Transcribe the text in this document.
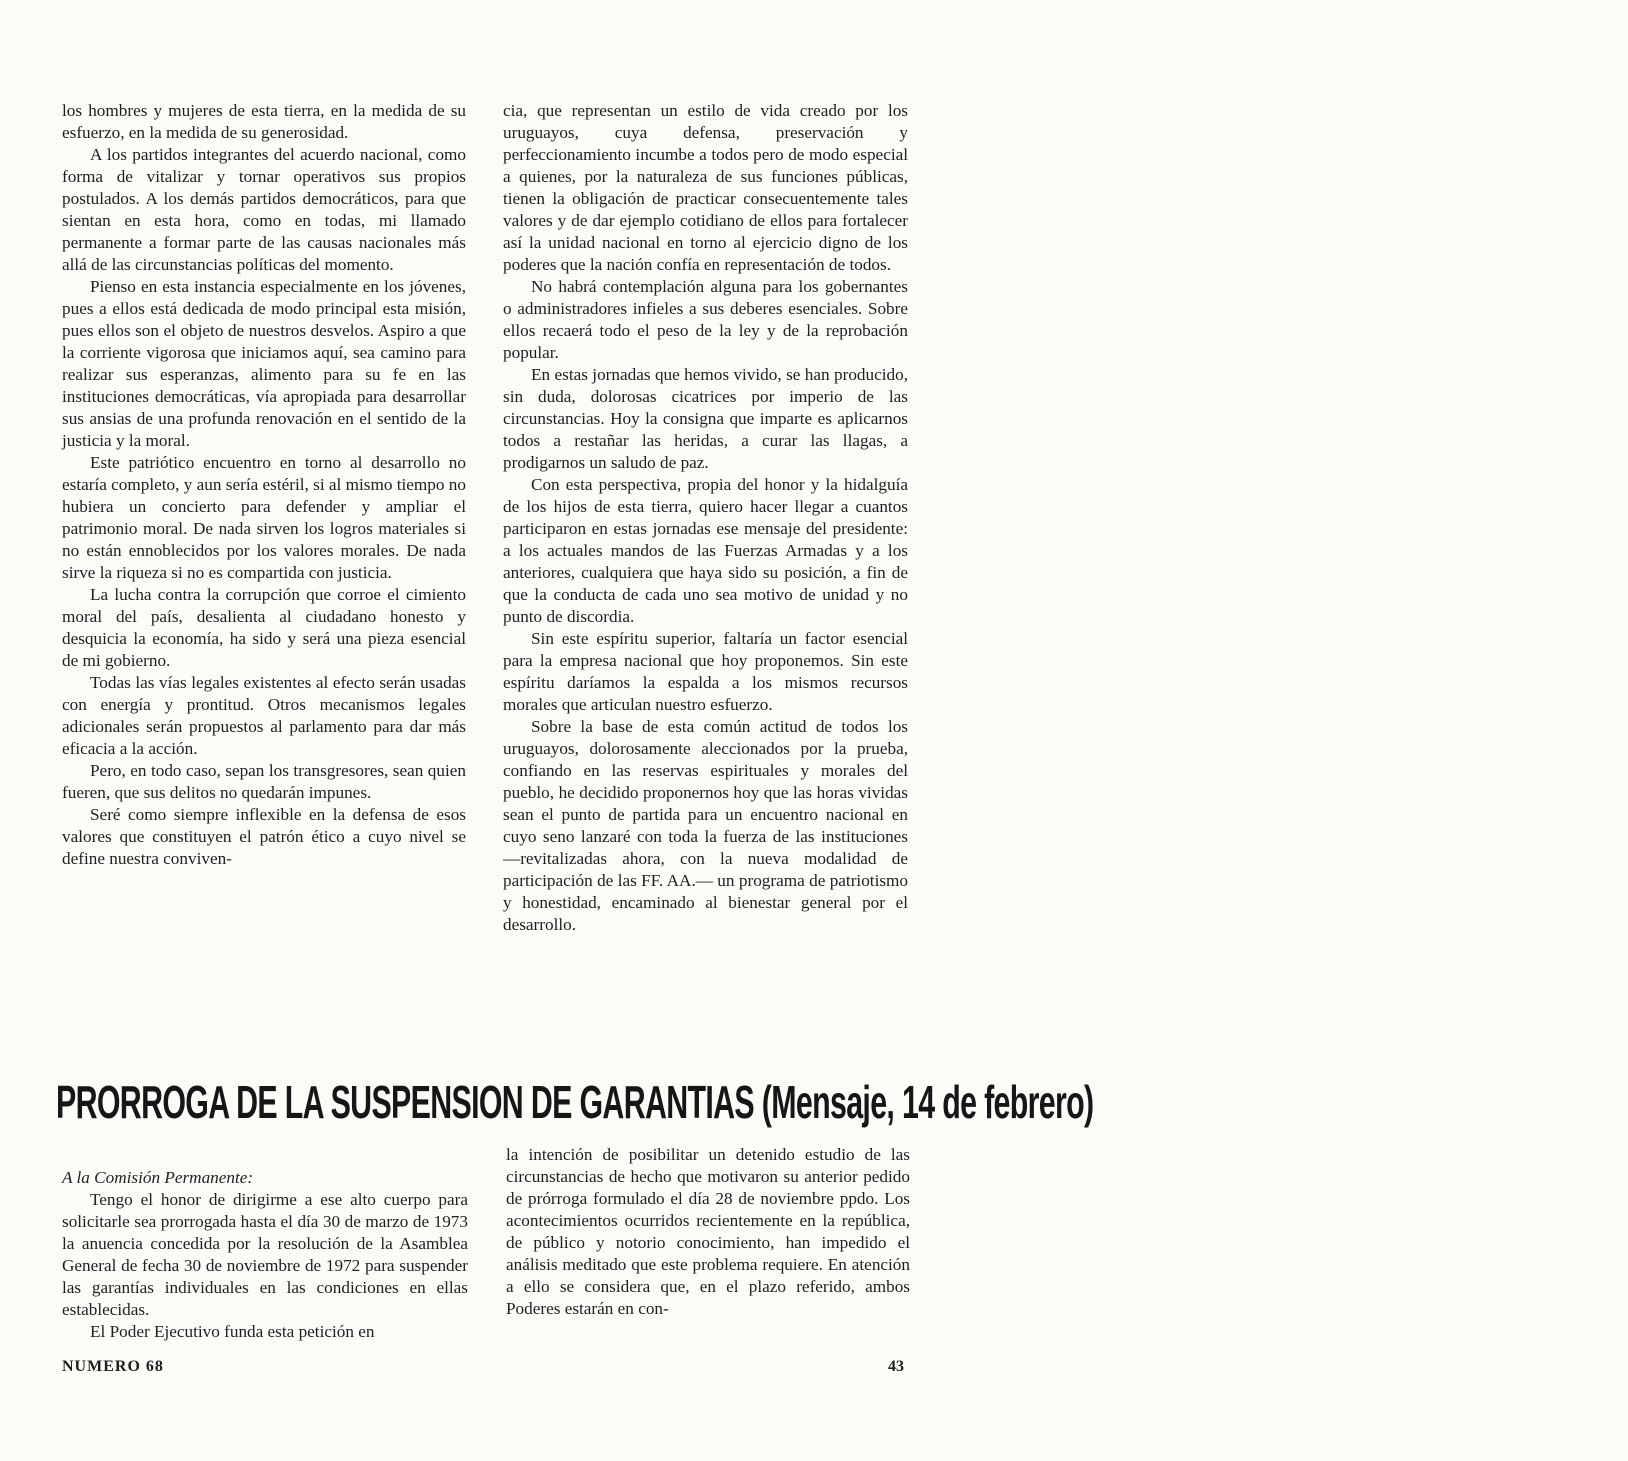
los hombres y mujeres de esta tierra, en la medida de su esfuerzo, en la medida de su generosidad.

A los partidos integrantes del acuerdo nacional, como forma de vitalizar y tornar operativos sus propios postulados. A los demás partidos democráticos, para que sientan en esta hora, como en todas, mi llamado permanente a formar parte de las causas nacionales más allá de las circunstancias políticas del momento.

Pienso en esta instancia especialmente en los jóvenes, pues a ellos está dedicada de modo principal esta misión, pues ellos son el objeto de nuestros desvelos. Aspiro a que la corriente vigorosa que iniciamos aquí, sea camino para realizar sus esperanzas, alimento para su fe en las instituciones democráticas, vía apropiada para desarrollar sus ansias de una profunda renovación en el sentido de la justicia y la moral.

Este patriótico encuentro en torno al desarrollo no estaría completo, y aun sería estéril, si al mismo tiempo no hubiera un concierto para defender y ampliar el patrimonio moral. De nada sirven los logros materiales si no están ennoblecidos por los valores morales. De nada sirve la riqueza si no es compartida con justicia.

La lucha contra la corrupción que corroe el cimiento moral del país, desalienta al ciudadano honesto y desquicia la economía, ha sido y será una pieza esencial de mi gobierno.

Todas las vías legales existentes al efecto serán usadas con energía y prontitud. Otros mecanismos legales adicionales serán propuestos al parlamento para dar más eficacia a la acción.

Pero, en todo caso, sepan los transgresores, sean quien fueren, que sus delitos no quedarán impunes.

Seré como siempre inflexible en la defensa de esos valores que constituyen el patrón ético a cuyo nivel se define nuestra conviven-

cia, que representan un estilo de vida creado por los uruguayos, cuya defensa, preservación y perfeccionamiento incumbe a todos pero de modo especial a quienes, por la naturaleza de sus funciones públicas, tienen la obligación de practicar consecuentemente tales valores y de dar ejemplo cotidiano de ellos para fortalecer así la unidad nacional en torno al ejercicio digno de los poderes que la nación confía en representación de todos.

No habrá contemplación alguna para los gobernantes o administradores infieles a sus deberes esenciales. Sobre ellos recaerá todo el peso de la ley y de la reprobación popular.

En estas jornadas que hemos vivido, se han producido, sin duda, dolorosas cicatrices por imperio de las circunstancias. Hoy la consigna que imparte es aplicarnos todos a restañar las heridas, a curar las llagas, a prodigarnos un saludo de paz.

Con esta perspectiva, propia del honor y la hidalguía de los hijos de esta tierra, quiero hacer llegar a cuantos participaron en estas jornadas ese mensaje del presidente: a los actuales mandos de las Fuerzas Armadas y a los anteriores, cualquiera que haya sido su posición, a fin de que la conducta de cada uno sea motivo de unidad y no punto de discordia.

Sin este espíritu superior, faltaría un factor esencial para la empresa nacional que hoy proponemos. Sin este espíritu daríamos la espalda a los mismos recursos morales que articulan nuestro esfuerzo.

Sobre la base de esta común actitud de todos los uruguayos, dolorosamente aleccionados por la prueba, confiando en las reservas espirituales y morales del pueblo, he decidido proponernos hoy que las horas vividas sean el punto de partida para un encuentro nacional en cuyo seno lanzaré con toda la fuerza de las instituciones —revitalizadas ahora, con la nueva modalidad de participación de las FF. AA.— un programa de patriotismo y honestidad, encaminado al bienestar general por el desarrollo.

PRORROGA DE LA SUSPENSION DE GARANTIAS (Mensaje, 14 de febrero)

A la Comisión Permanente:

Tengo el honor de dirigirme a ese alto cuerpo para solicitarle sea prorrogada hasta el día 30 de marzo de 1973 la anuencia concedida por la resolución de la Asamblea General de fecha 30 de noviembre de 1972 para suspender las garantías individuales en las condiciones en ellas establecidas.

El Poder Ejecutivo funda esta petición en

la intención de posibilitar un detenido estudio de las circunstancias de hecho que motivaron su anterior pedido de prórroga formulado el día 28 de noviembre ppdo. Los acontecimientos ocurridos recientemente en la república, de público y notorio conocimiento, han impedido el análisis meditado que este problema requiere. En atención a ello se considera que, en el plazo referido, ambos Poderes estarán en con-

NUMERO 68	43
